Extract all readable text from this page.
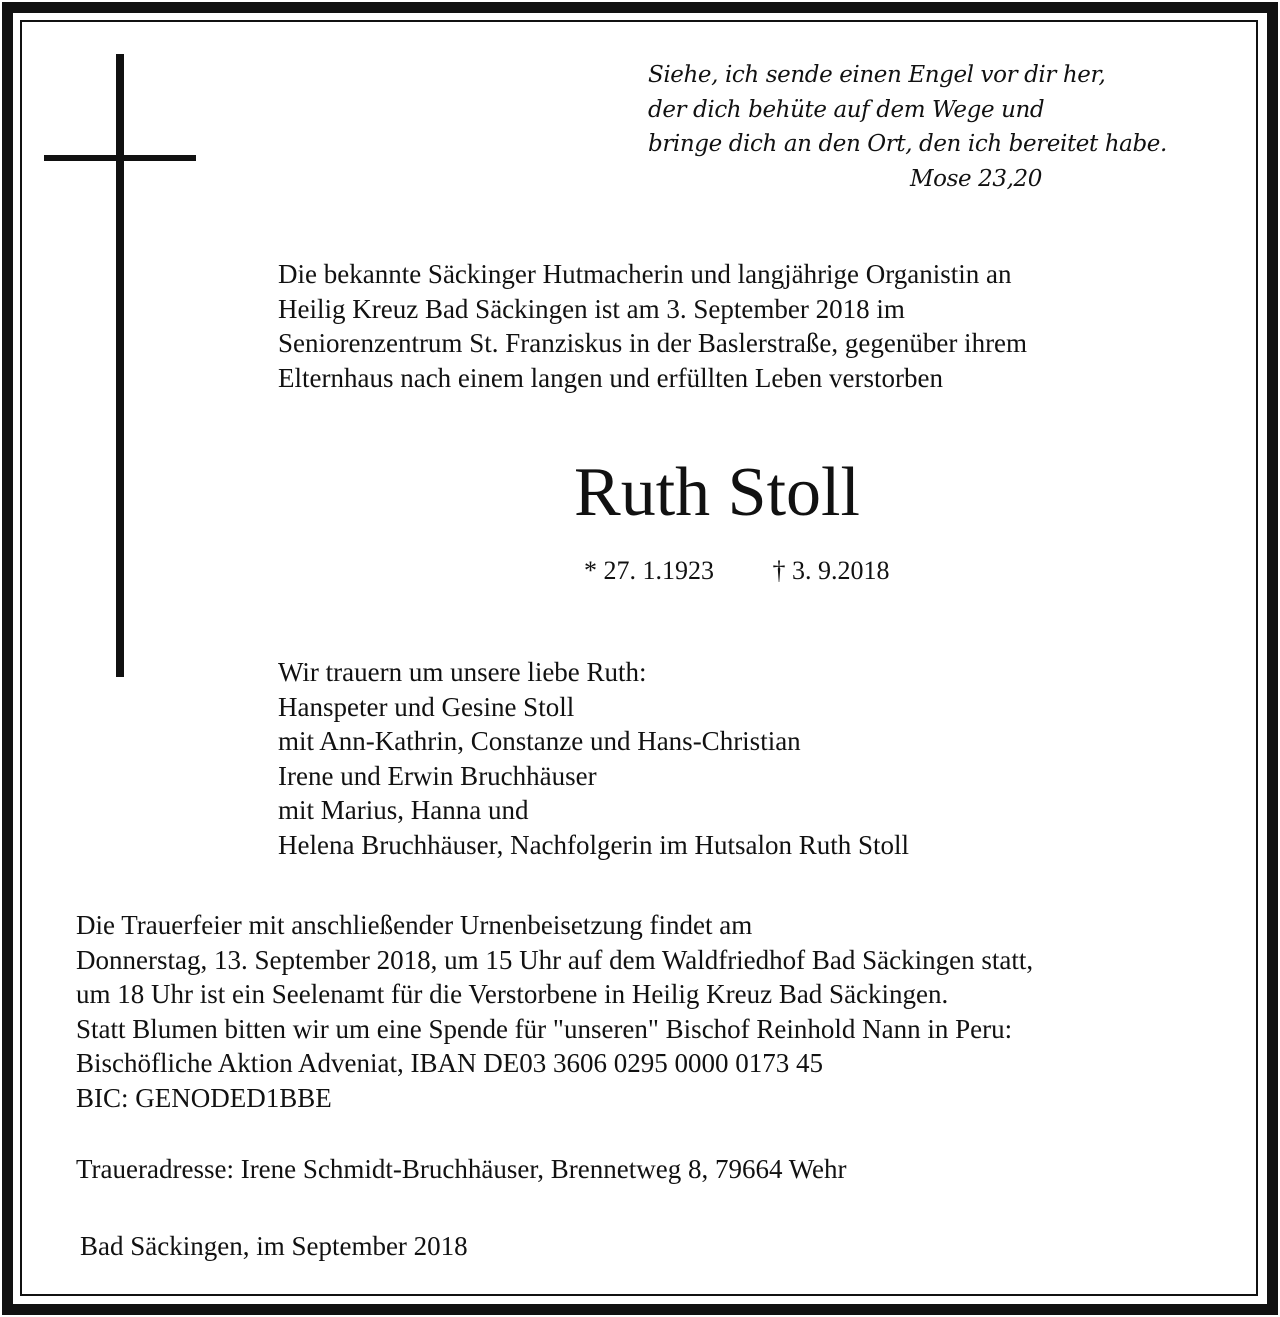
Siehe, ich sende einen Engel vor dir her,
der dich behüte auf dem Wege und
bringe dich an den Ort, den ich bereitet habe.
Mose 23,20
Die bekannte Säckinger Hutmacherin und langjährige Organistin an
Heilig Kreuz Bad Säckingen ist am 3. September 2018 im
Seniorenzentrum St. Franziskus in der Baslerstraße, gegenüber ihrem
Elternhaus nach einem langen und erfüllten Leben verstorben
Ruth Stoll
* 27. 1.1923 † 3. 9.2018
Wir trauern um unsere liebe Ruth:
Hanspeter und Gesine Stoll
mit Ann-Kathrin, Constanze und Hans-Christian
Irene und Erwin Bruchhäuser
mit Marius, Hanna und
Helena Bruchhäuser, Nachfolgerin im Hutsalon Ruth Stoll
Die Trauerfeier mit anschließender Urnenbeisetzung findet am
Donnerstag, 13. September 2018, um 15 Uhr auf dem Waldfriedhof Bad Säckingen statt,
um 18 Uhr ist ein Seelenamt für die Verstorbene in Heilig Kreuz Bad Säckingen.
Statt Blumen bitten wir um eine Spende für "unseren" Bischof Reinhold Nann in Peru:
Bischöfliche Aktion Adveniat, IBAN DE03 3606 0295 0000 0173 45
BIC: GENODED1BBE
Traueradresse: Irene Schmidt-Bruchhäuser, Brennetweg 8, 79664 Wehr
Bad Säckingen, im September 2018
